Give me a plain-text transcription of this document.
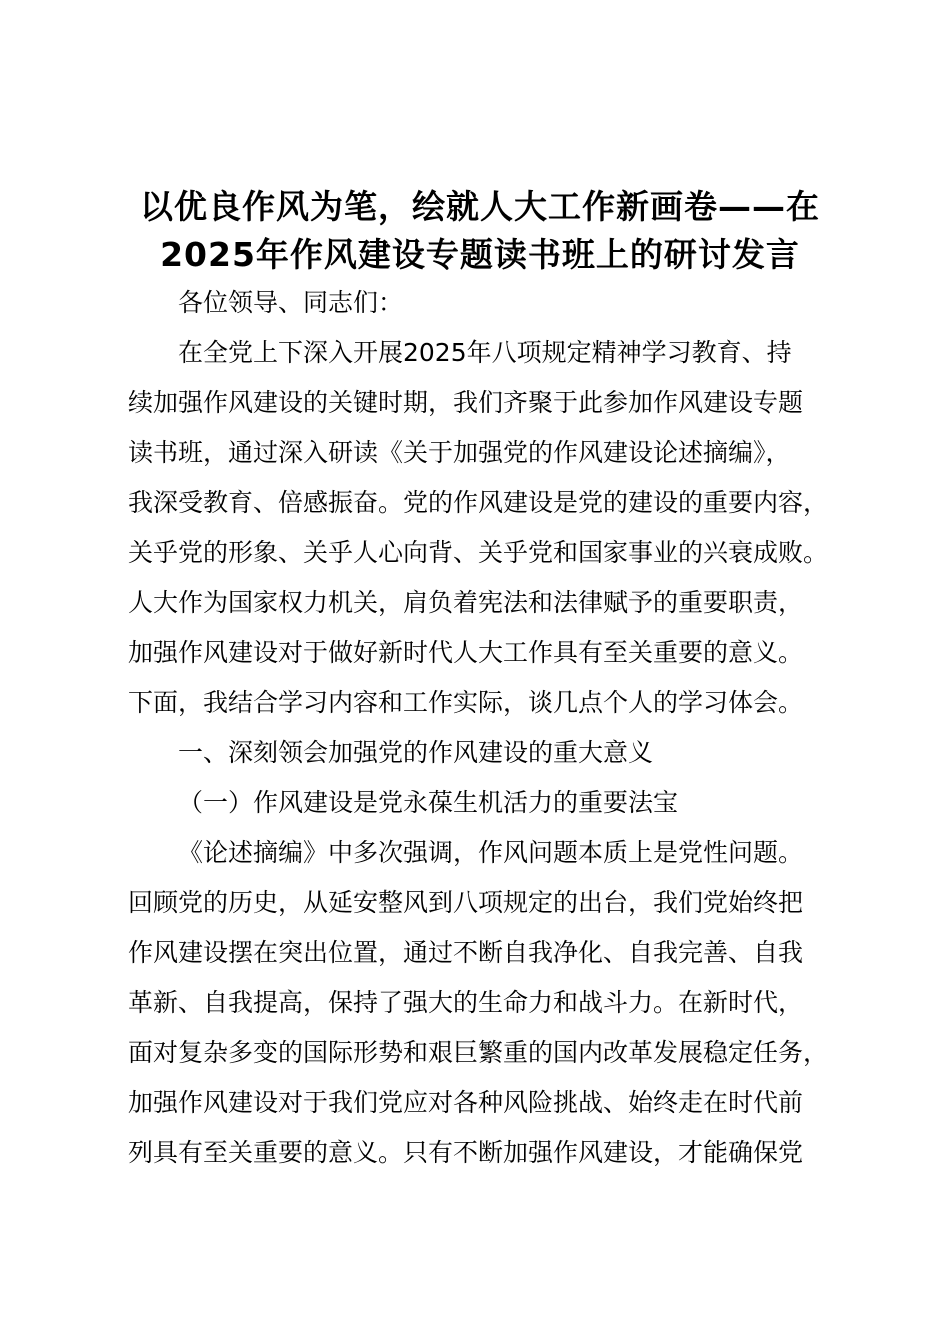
以优良作风为笔，绘就人大工作新画卷——在
2025年作风建设专题读书班上的研讨发言
各位领导、同志们：
在全党上下深入开展2025年八项规定精神学习教育、持
续加强作风建设的关键时期，我们齐聚于此参加作风建设专题
读书班，通过深入研读《关于加强党的作风建设论述摘编》，
我深受教育、倍感振奋。党的作风建设是党的建设的重要内容，
关乎党的形象、关乎人心向背、关乎党和国家事业的兴衰成败。
人大作为国家权力机关，肩负着宪法和法律赋予的重要职责，
加强作风建设对于做好新时代人大工作具有至关重要的意义。
下面，我结合学习内容和工作实际，谈几点个人的学习体会。
一、深刻领会加强党的作风建设的重大意义
（一）作风建设是党永葆生机活力的重要法宝
《论述摘编》中多次强调，作风问题本质上是党性问题。
回顾党的历史，从延安整风到八项规定的出台，我们党始终把
作风建设摆在突出位置，通过不断自我净化、自我完善、自我
革新、自我提高，保持了强大的生命力和战斗力。在新时代，
面对复杂多变的国际形势和艰巨繁重的国内改革发展稳定任务，
加强作风建设对于我们党应对各种风险挑战、始终走在时代前
列具有至关重要的意义。只有不断加强作风建设，才能确保党
